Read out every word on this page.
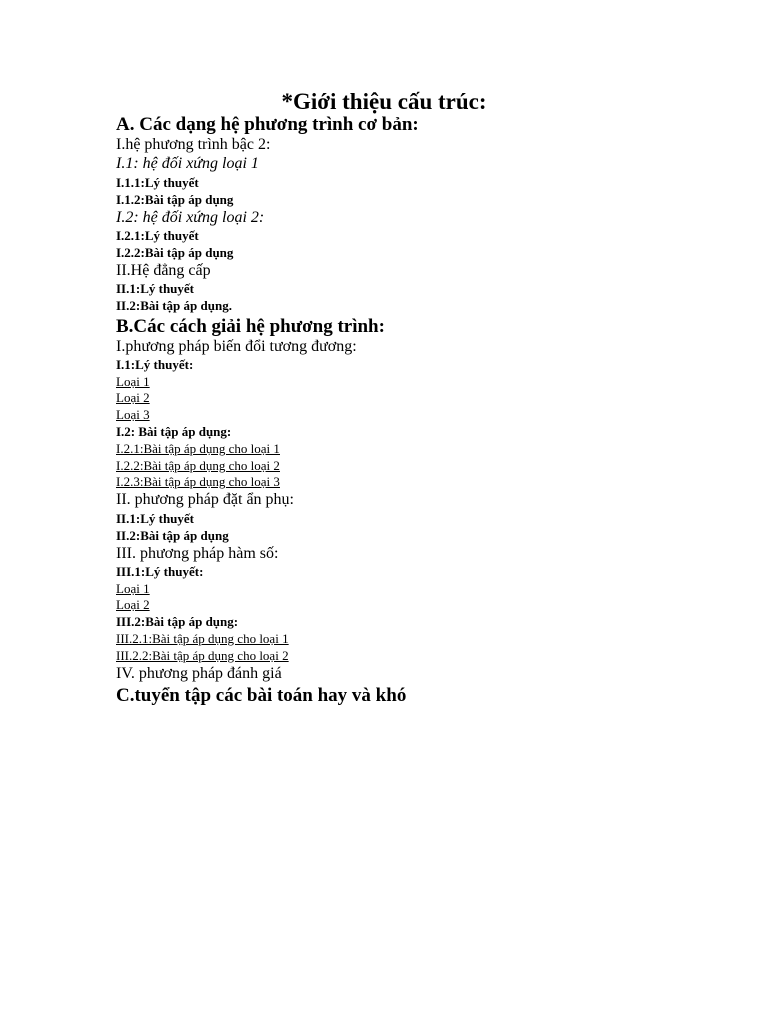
*Giới thiệu cấu trúc:
A. Các dạng hệ phương trình cơ bản:
I.hệ phương trình bậc 2:
I.1: hệ đối xứng loại 1
I.1.1:Lý thuyết
I.1.2:Bài tập áp dụng
I.2: hệ đối xứng loại 2:
I.2.1:Lý thuyết
I.2.2:Bài tập áp dụng
II.Hệ đẳng cấp
II.1:Lý thuyết
II.2:Bài tập áp dụng.
B.Các cách giải hệ phương trình:
I.phương pháp biến đổi tương đương:
I.1:Lý thuyết:
Loại 1
Loại 2
Loại 3
I.2: Bài tập áp dụng:
I.2.1:Bài tập áp dụng cho loại 1
I.2.2:Bài tập áp dụng cho loại 2
I.2.3:Bài tập áp dụng cho loại 3
II. phương pháp đặt ẩn phụ:
II.1:Lý thuyết
II.2:Bài tập áp dụng
III. phương pháp hàm số:
III.1:Lý thuyết:
Loại 1
Loại 2
III.2:Bài tập áp dụng:
III.2.1:Bài tập áp dụng cho loại 1
III.2.2:Bài tập áp dụng cho loại 2
IV. phương pháp đánh giá
C.tuyển tập các bài toán hay và khó
